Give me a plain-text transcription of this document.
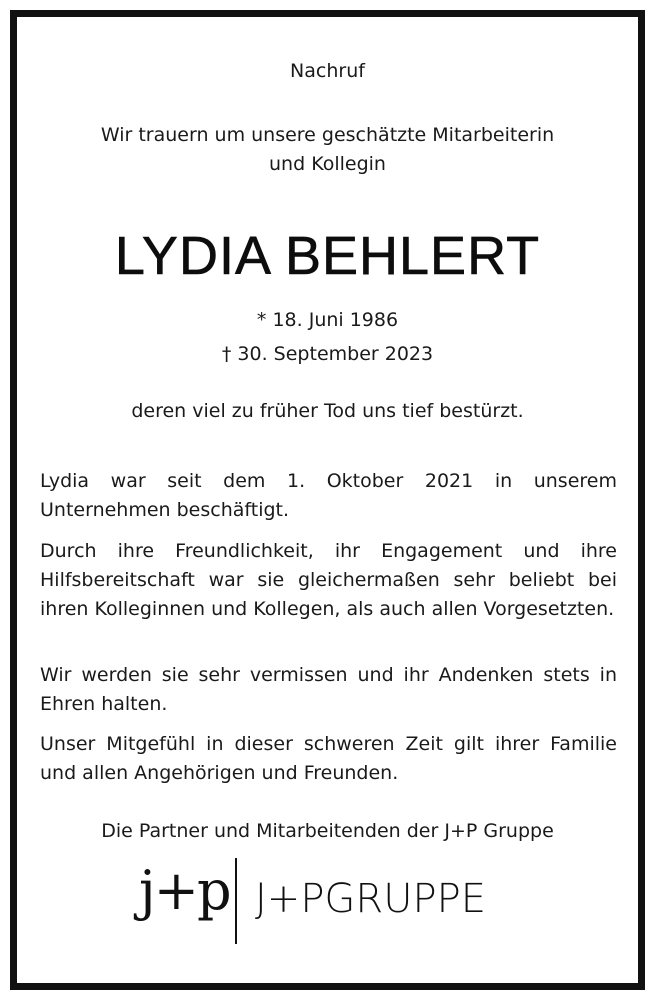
Nachruf
Wir trauern um unsere geschätzte Mitarbeiterin
und Kollegin
LYDIA BEHLERT
* 18. Juni 1986
† 30. September 2023
deren viel zu früher Tod uns tief bestürzt.
Lydia war seit dem 1. Oktober 2021 in unserem Unternehmen beschäftigt.
Durch ihre Freundlichkeit, ihr Engagement und ihre Hilfsbereitschaft war sie gleichermaßen sehr beliebt bei ihren Kolleginnen und Kollegen, als auch allen Vorgesetzten.
Wir werden sie sehr vermissen und ihr Andenken stets in Ehren halten.
Unser Mitgefühl in dieser schweren Zeit gilt ihrer Familie und allen Angehörigen und Freunden.
Die Partner und Mitarbeitenden der J+P Gruppe
j+p J+PGRUPPE
